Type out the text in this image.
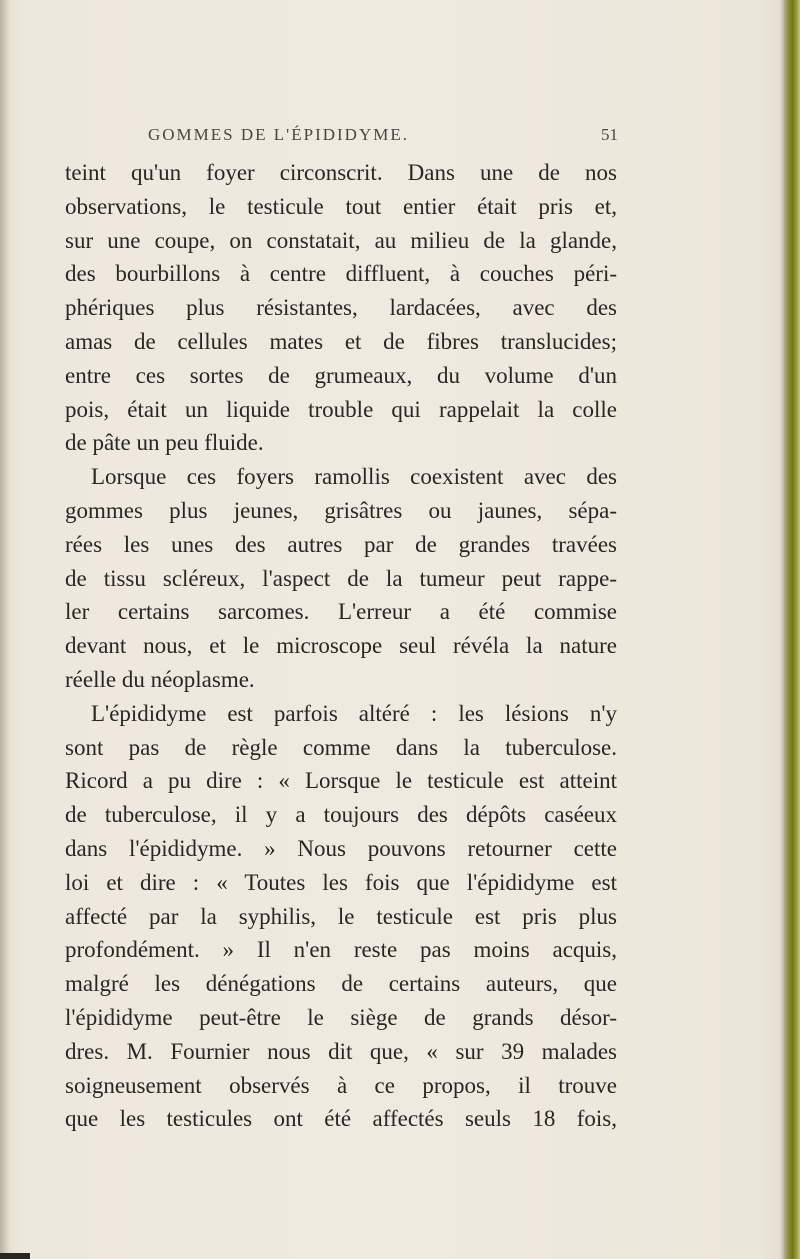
GOMMES DE L'ÉPIDIDYME.	51
teint qu'un foyer circonscrit. Dans une de nos
observations, le testicule tout entier était pris et,
sur une coupe, on constatait, au milieu de la glande,
des bourbillons à centre diffluent, à couches péri-
phériques plus résistantes, lardacées, avec des
amas de cellules mates et de fibres translucides;
entre ces sortes de grumeaux, du volume d'un
pois, était un liquide trouble qui rappelait la colle
de pâte un peu fluide.
Lorsque ces foyers ramollis coexistent avec des
gommes plus jeunes, grisâtres ou jaunes, sépa-
rées les unes des autres par de grandes travées
de tissu scléreux, l'aspect de la tumeur peut rappe-
ler certains sarcomes. L'erreur a été commise
devant nous, et le microscope seul révéla la nature
réelle du néoplasme.
L'épididyme est parfois altéré : les lésions n'y
sont pas de règle comme dans la tuberculose.
Ricord a pu dire : « Lorsque le testicule est atteint
de tuberculose, il y a toujours des dépôts caséeux
dans l'épididyme. » Nous pouvons retourner cette
loi et dire : « Toutes les fois que l'épididyme est
affecté par la syphilis, le testicule est pris plus
profondément. » Il n'en reste pas moins acquis,
malgré les dénégations de certains auteurs, que
l'épididyme peut-être le siège de grands désor-
dres. M. Fournier nous dit que, « sur 39 malades
soigneusement observés à ce propos, il trouve
que les testicules ont été affectés seuls 18 fois,
